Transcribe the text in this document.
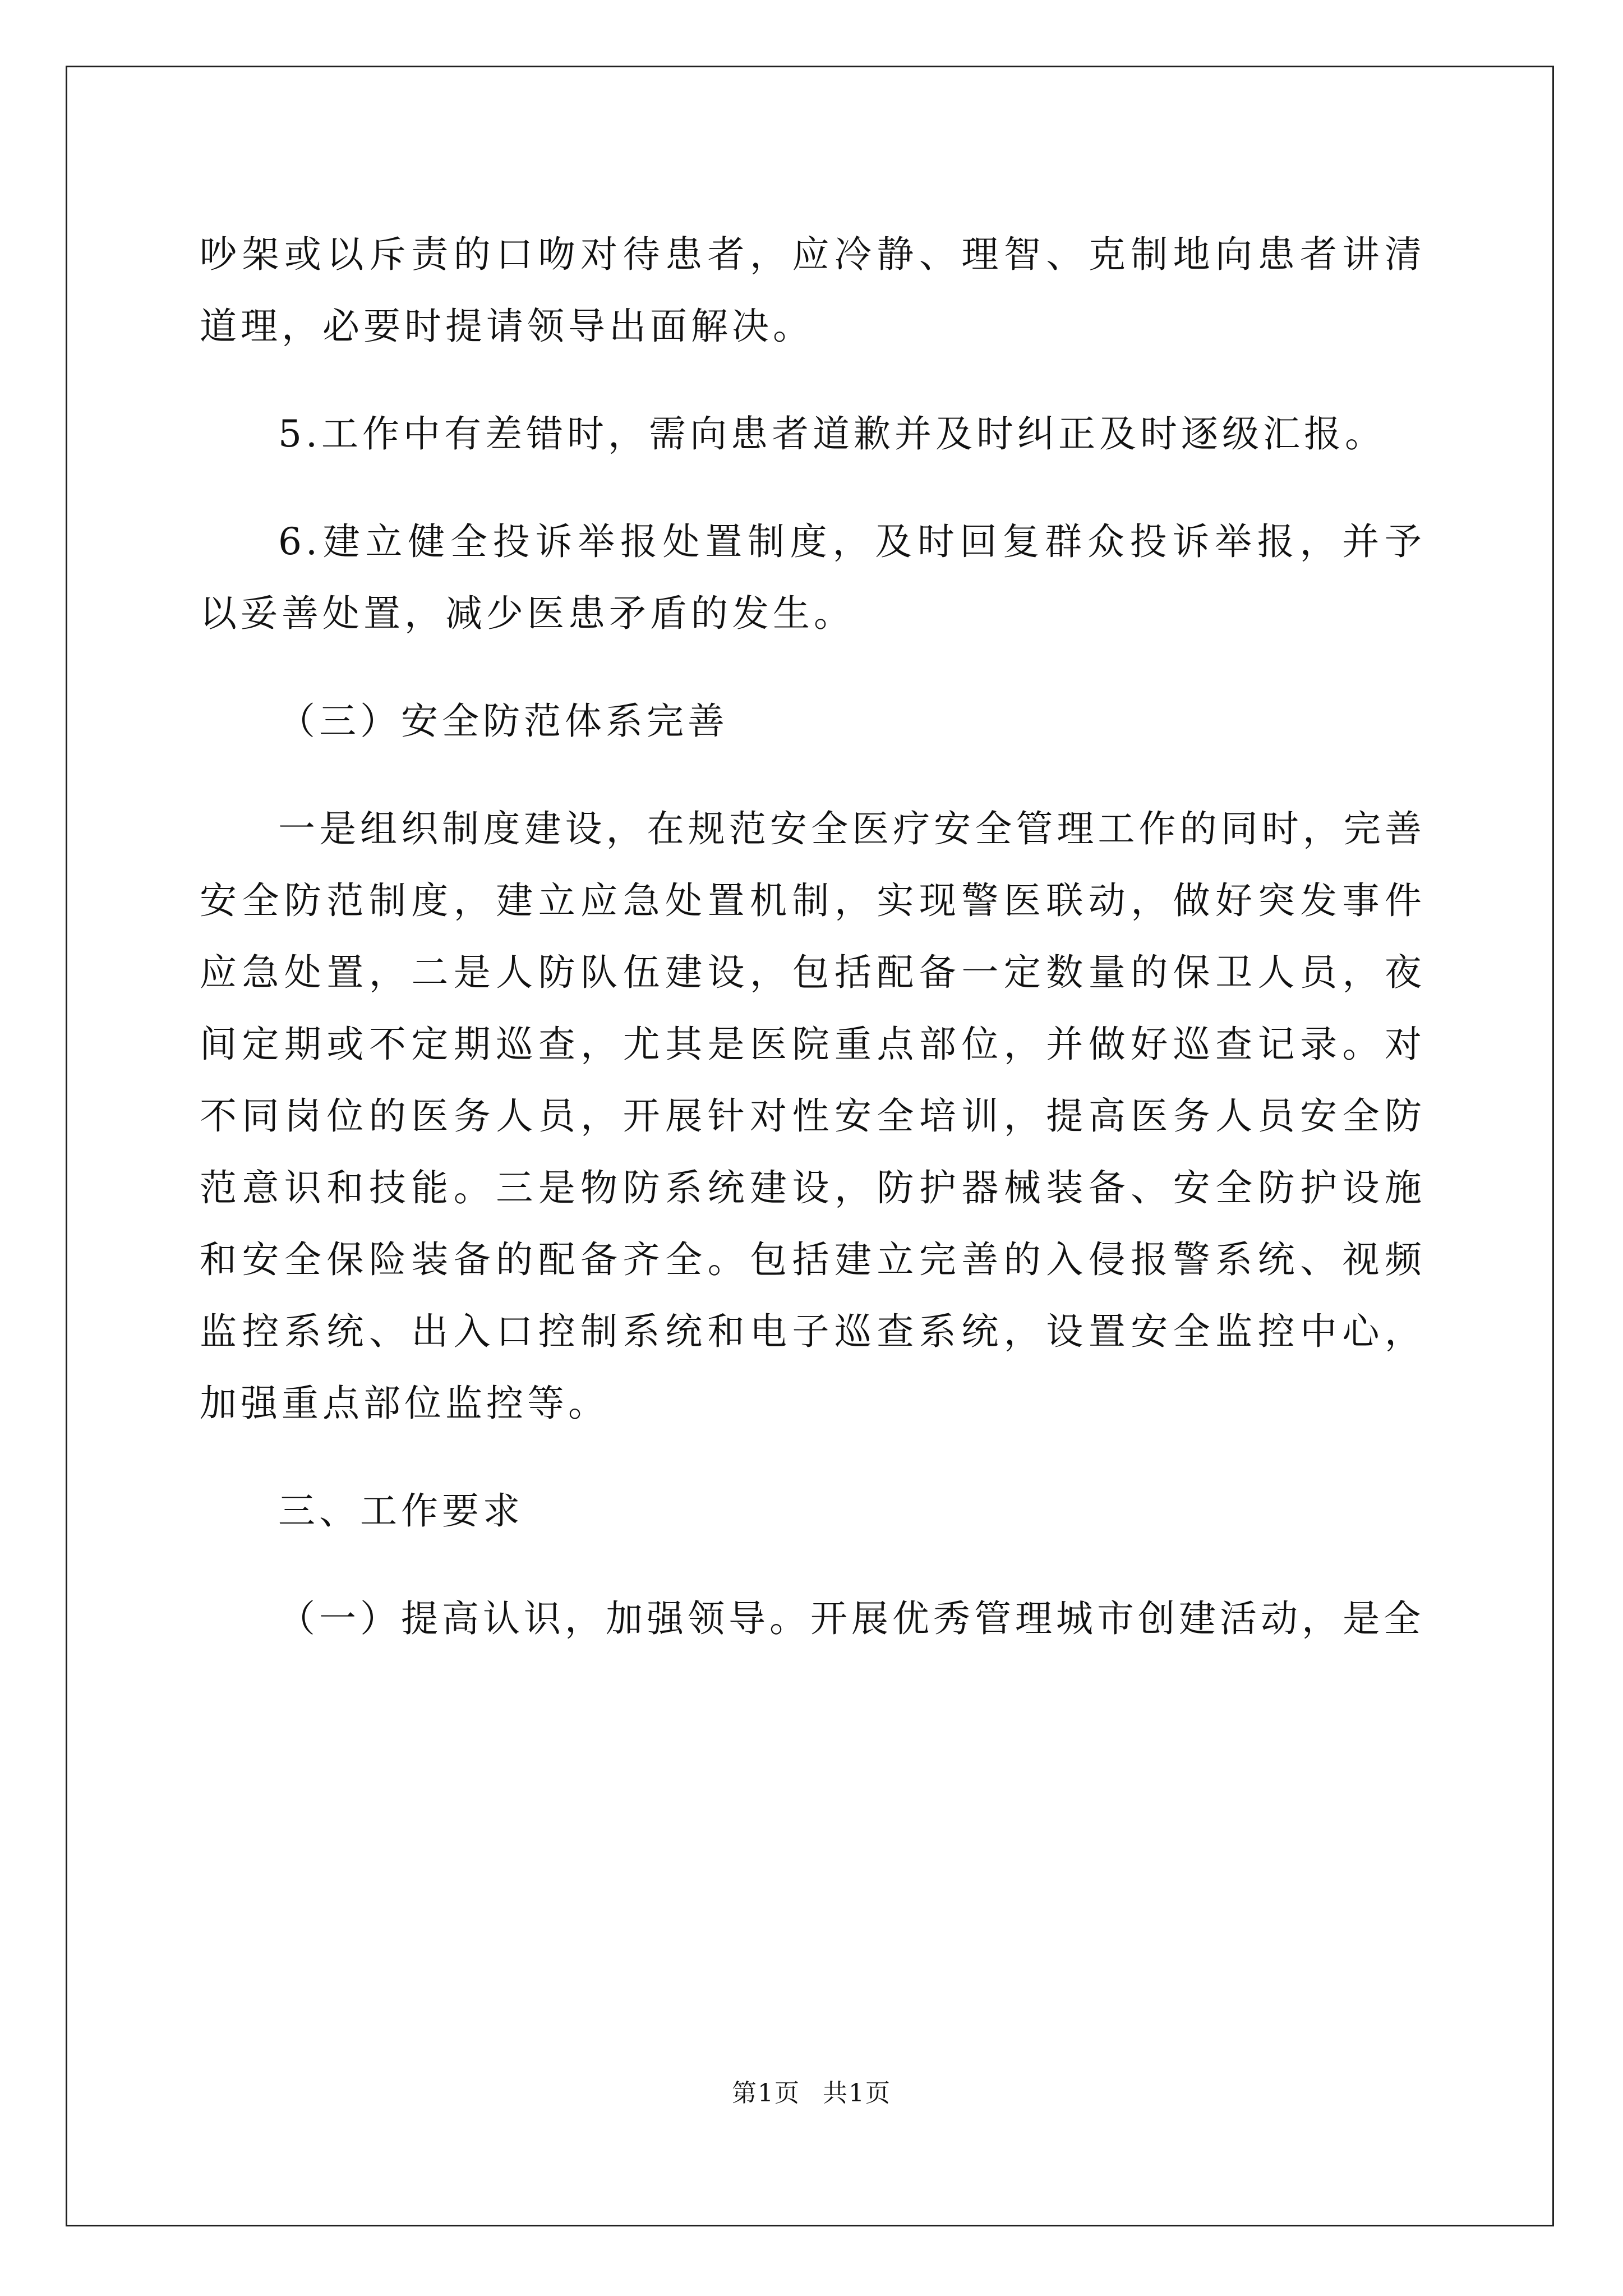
吵架或以斥责的口吻对待患者，应冷静、理智、克制地向患者讲清道理，必要时提请领导出面解决。

5.工作中有差错时，需向患者道歉并及时纠正及时逐级汇报。

6.建立健全投诉举报处置制度，及时回复群众投诉举报，并予以妥善处置，减少医患矛盾的发生。

（三）安全防范体系完善

一是组织制度建设，在规范安全医疗安全管理工作的同时，完善安全防范制度，建立应急处置机制，实现警医联动，做好突发事件应急处置，二是人防队伍建设，包括配备一定数量的保卫人员，夜间定期或不定期巡查，尤其是医院重点部位，并做好巡查记录。对不同岗位的医务人员，开展针对性安全培训，提高医务人员安全防范意识和技能。三是物防系统建设，防护器械装备、安全防护设施和安全保险装备的配备齐全。包括建立完善的入侵报警系统、视频监控系统、出入口控制系统和电子巡查系统，设置安全监控中心，加强重点部位监控等。

三、工作要求

（一）提高认识，加强领导。开展优秀管理城市创建活动，是全

第1页 共1页
